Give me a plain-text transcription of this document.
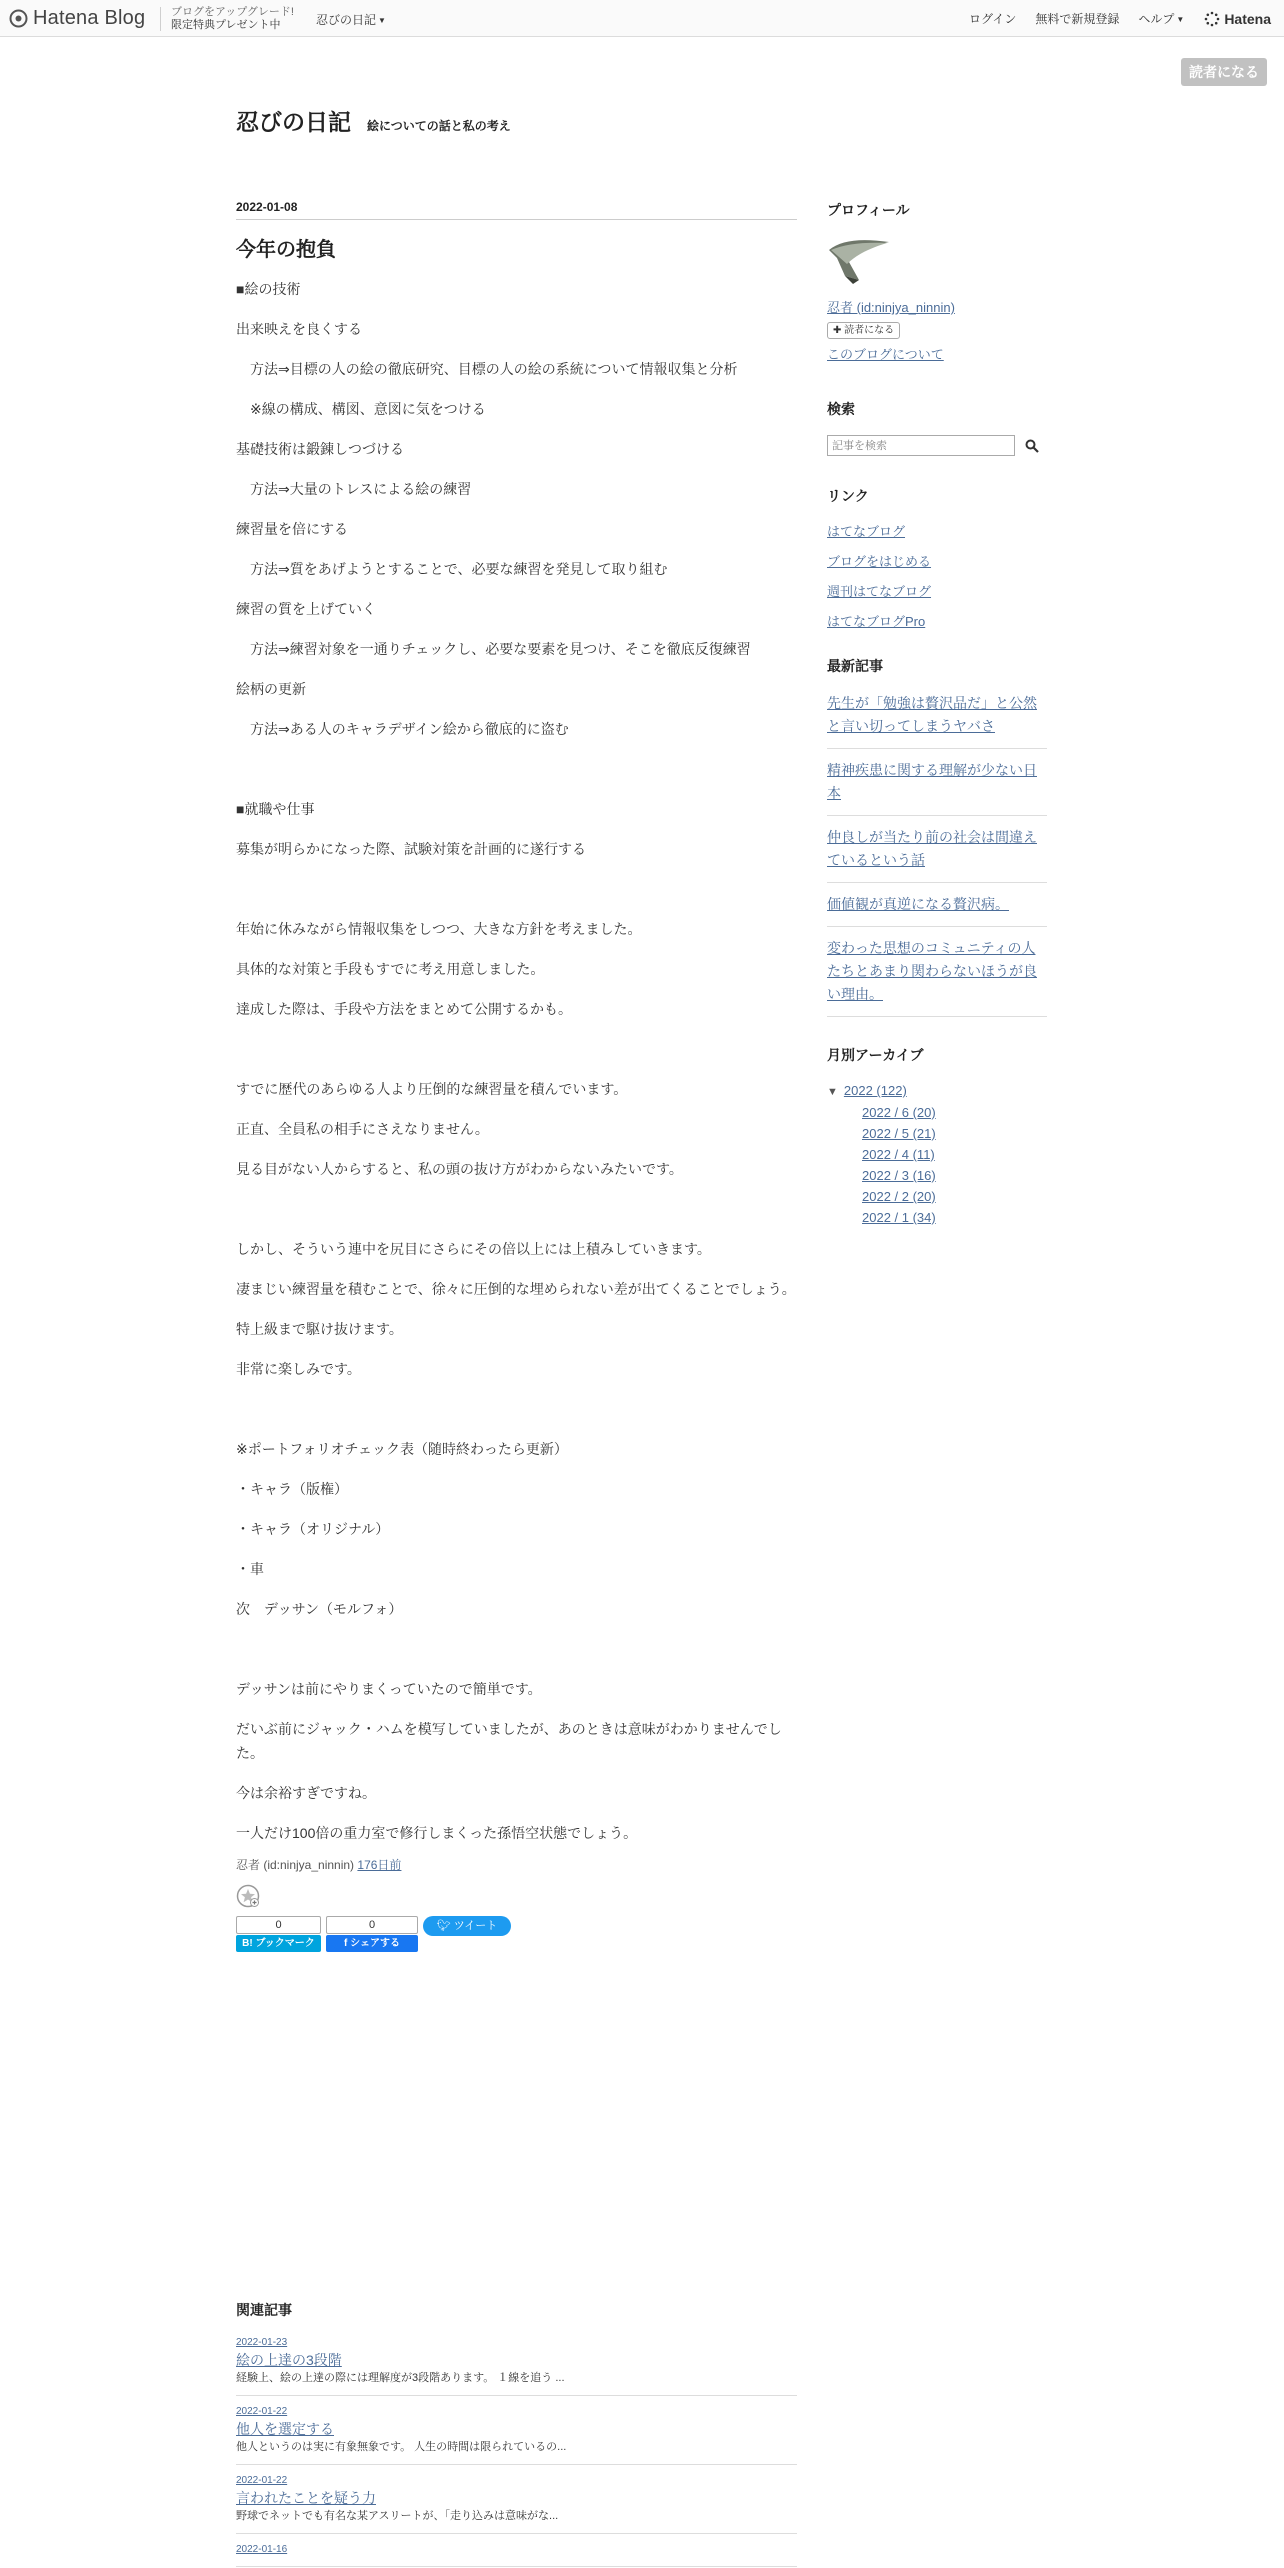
Hatena Blog ブログをアップグレード!
限定特典プレゼント中	忍びの日記 ▼	ログイン 無料で新規登録 ヘルプ ▼	Hatena
読者になる
忍びの日記 絵についての話と私の考え
2022-01-08
今年の抱負

■絵の技術

出来映えを良くする

方法⇒目標の人の絵の徹底研究、目標の人の絵の系統について情報収集と分析

※線の構成、構図、意図に気をつける

基礎技術は鍛錬しつづける

方法⇒大量のトレスによる絵の練習

練習量を倍にする

方法⇒質をあげようとすることで、必要な練習を発見して取り組む

練習の質を上げていく

方法⇒練習対象を一通りチェックし、必要な要素を見つけ、そこを徹底反復練習

絵柄の更新

方法⇒ある人のキャラデザイン絵から徹底的に盗む

■就職や仕事

募集が明らかになった際、試験対策を計画的に遂行する

年始に休みながら情報収集をしつつ、大きな方針を考えました。

具体的な対策と手段もすでに考え用意しました。

達成した際は、手段や方法をまとめて公開するかも。

すでに歴代のあらゆる人より圧倒的な練習量を積んでいます。

正直、全員私の相手にさえなりません。

見る目がない人からすると、私の頭の抜け方がわからないみたいです。

しかし、そういう連中を尻目にさらにその倍以上には上積みしていきます。

凄まじい練習量を積むことで、徐々に圧倒的な埋められない差が出てくることでしょう。

特上級まで駆け抜けます。

非常に楽しみです。

※ポートフォリオチェック表（随時終わったら更新）

・キャラ（版権）

・キャラ（オリジナル）

・車

次　デッサン（モルフォ）

デッサンは前にやりまくっていたので簡単です。

だいぶ前にジャック・ハムを模写していましたが、あのときは意味がわかりませんでした。

今は余裕すぎですね。

一人だけ100倍の重力室で修行しまくった孫悟空状態でしょう。

忍者 (id:ninjya_ninnin) 176日前
0
B! ブックマーク
0
f シェアする
🐦︎ ツイート
関連記事
2022-01-23
絵の上達の3段階
経験上、絵の上達の際には理解度が3段階あります。 １線を追う ...
2022-01-22
他人を選定する
他人というのは実に有象無象です。 人生の時間は限られているの...
2022-01-22
言われたことを疑う力
野球でネットでも有名な某アスリートが、「走り込みは意味がな...
2022-01-16
プロフィール
忍者 (id:ninjya_ninnin)
✚ 読者になる
このブログについて
検索
記事を検索
リンク
はてなブログ
ブログをはじめる
週刊はてなブログ
はてなブログPro
最新記事
先生が「勉強は贅沢品だ」と公然と言い切ってしまうヤバさ
精神疾患に関する理解が少ない日本
仲良しが当たり前の社会は間違えているという話
価値観が真逆になる贅沢病。
変わった思想のコミュニティの人たちとあまり関わらないほうが良い理由。
月別アーカイブ
▼ 2022 (122)
2022 / 6 (20)
2022 / 5 (21)
2022 / 4 (11)
2022 / 3 (16)
2022 / 2 (20)
2022 / 1 (34)
